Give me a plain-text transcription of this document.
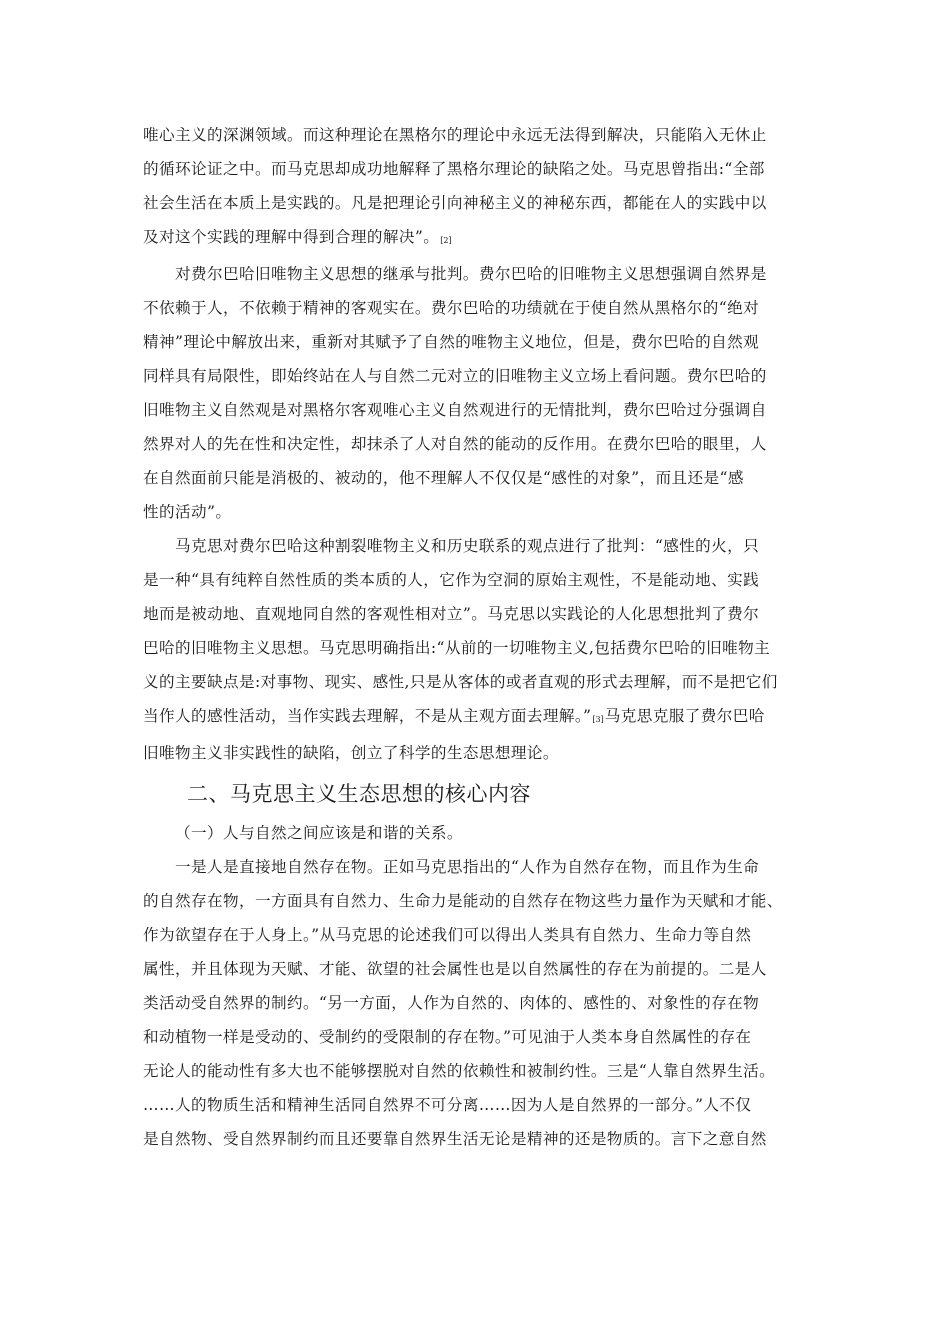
唯心主义的深渊领域。而这种理论在黑格尔的理论中永远无法得到解决，只能陷入无休止
的循环论证之中。而马克思却成功地解释了黑格尔理论的缺陷之处。马克思曾指出:“全部
社会生活在本质上是实践的。凡是把理论引向神秘主义的神秘东西，都能在人的实践中以
及对这个实践的理解中得到合理的解决”。[2]

对费尔巴哈旧唯物主义思想的继承与批判。费尔巴哈的旧唯物主义思想强调自然界是
不依赖于人，不依赖于精神的客观实在。费尔巴哈的功绩就在于使自然从黑格尔的“绝对
精神”理论中解放出来，重新对其赋予了自然的唯物主义地位，但是，费尔巴哈的自然观
同样具有局限性，即始终站在人与自然二元对立的旧唯物主义立场上看问题。费尔巴哈的
旧唯物主义自然观是对黑格尔客观唯心主义自然观进行的无情批判，费尔巴哈过分强调自
然界对人的先在性和决定性，却抹杀了人对自然的能动的反作用。在费尔巴哈的眼里，人
在自然面前只能是消极的、被动的，他不理解人不仅仅是“感性的对象”，而且还是“感
性的活动”。

马克思对费尔巴哈这种割裂唯物主义和历史联系的观点进行了批判：“感性的火，只
是一种“具有纯粹自然性质的类本质的人，它作为空洞的原始主观性，不是能动地、实践
地而是被动地、直观地同自然的客观性相对立”。马克思以实践论的人化思想批判了费尔
巴哈的旧唯物主义思想。马克思明确指出:“从前的一切唯物主义,包括费尔巴哈的旧唯物主
义的主要缺点是:对事物、现实、感性,只是从客体的或者直观的形式去理解，而不是把它们
当作人的感性活动，当作实践去理解，不是从主观方面去理解。”[3]马克思克服了费尔巴哈
旧唯物主义非实践性的缺陷，创立了科学的生态思想理论。

二、马克思主义生态思想的核心内容

（一）人与自然之间应该是和谐的关系。

一是人是直接地自然存在物。正如马克思指出的“人作为自然存在物，而且作为生命
的自然存在物，一方面具有自然力、生命力是能动的自然存在物这些力量作为天赋和才能、
作为欲望存在于人身上。”从马克思的论述我们可以得出人类具有自然力、生命力等自然
属性，并且体现为天赋、才能、欲望的社会属性也是以自然属性的存在为前提的。二是人
类活动受自然界的制约。“另一方面，人作为自然的、肉体的、感性的、对象性的存在物
和动植物一样是受动的、受制约的受限制的存在物。”可见油于人类本身自然属性的存在
无论人的能动性有多大也不能够摆脱对自然的依赖性和被制约性。三是“人靠自然界生活。
……人的物质生活和精神生活同自然界不可分离……因为人是自然界的一部分。”人不仅
是自然物、受自然界制约而且还要靠自然界生活无论是精神的还是物质的。言下之意自然
